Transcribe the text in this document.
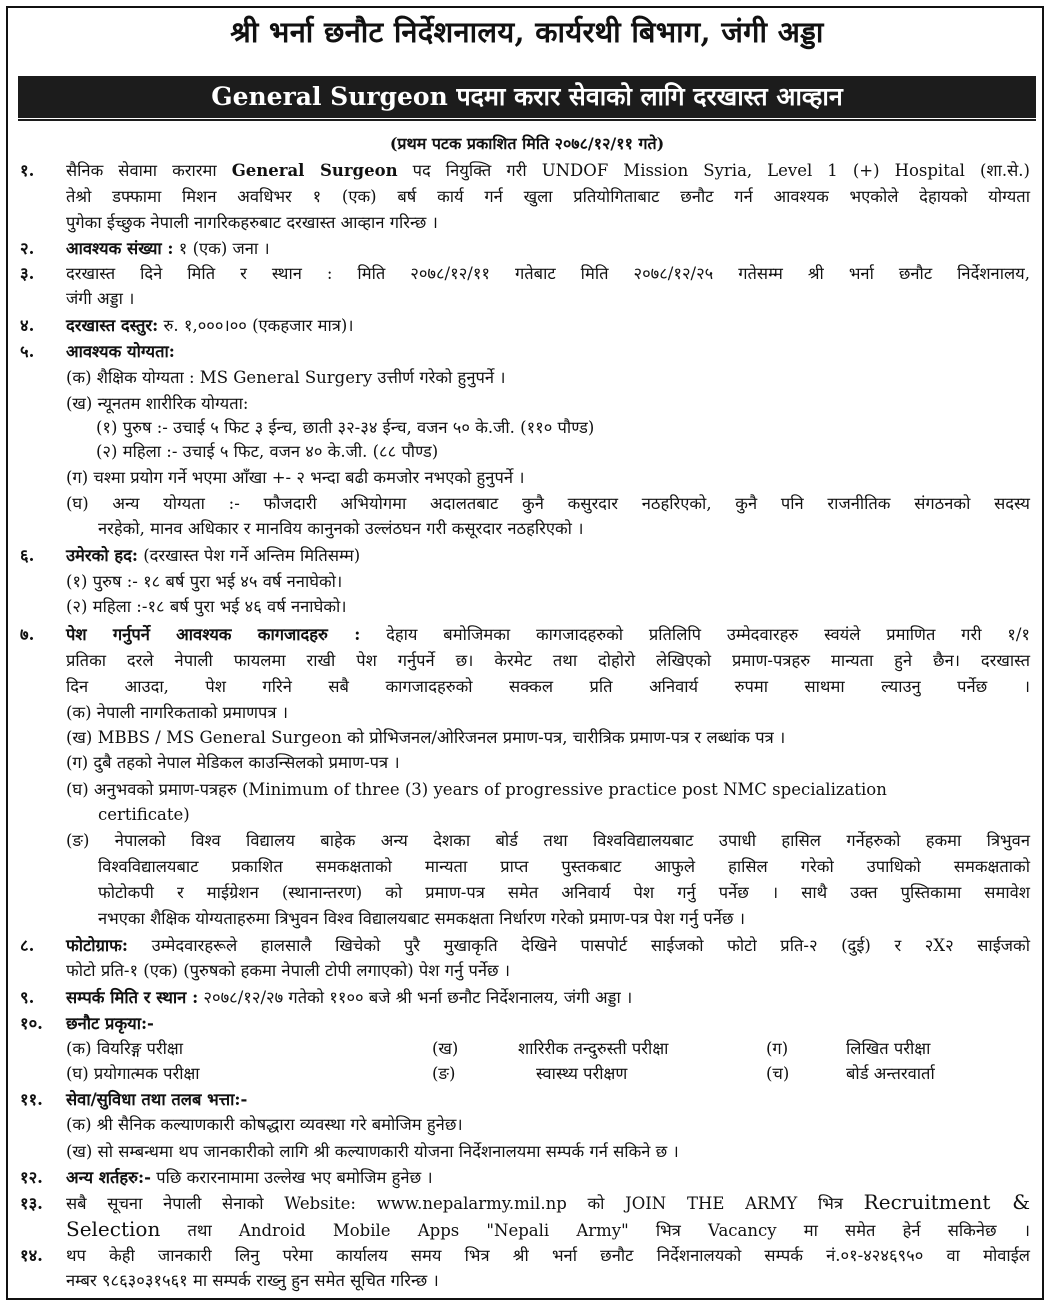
श्री भर्ना छनौट निर्देशनालय, कार्यरथी बिभाग, जंगी अड्डा
General Surgeon पदमा करार सेवाको लागि दरखास्त आव्हान
(प्रथम पटक प्रकाशित मिति २०७८/१२/११ गते)
१. सैनिक सेवामा करारमा General Surgeon पद नियुक्ति गरी UNDOF Mission Syria, Level 1 (+) Hospital (शा.से.)
तेश्रो डफ्फामा मिशन अवधिभर १ (एक) बर्ष कार्य गर्न खुला प्रतियोगिताबाट छनौट गर्न आवश्यक भएकोले देहायको योग्यता
पुगेका ईच्छुक नेपाली नागरिकहरुबाट दरखास्त आव्हान गरिन्छ ।
२. आवश्यक संख्या : १ (एक) जना ।
३. दरखास्त दिने मिति र स्थान : मिति २०७८/१२/११ गतेबाट मिति २०७८/१२/२५ गतेसम्म श्री भर्ना छनौट निर्देशनालय,
जंगी अड्डा ।
४. दरखास्त दस्तुर: रु. १,०००।०० (एकहजार मात्र)।
५. आवश्यक योग्यता:
(क) शैक्षिक योग्यता : MS General Surgery उत्तीर्ण गरेको हुनुपर्ने ।
(ख) न्यूनतम शारीरिक योग्यता:
(१) पुरुष :- उचाई ५ फिट ३ ईन्च, छाती ३२-३४ ईन्च, वजन ५० के.जी. (११० पौण्ड)
(२) महिला :- उचाई ५ फिट, वजन ४० के.जी. (८८ पौण्ड)
(ग) चश्मा प्रयोग गर्ने भएमा आँखा +- २ भन्दा बढी कमजोर नभएको हुनुपर्ने ।
(घ) अन्य योग्यता :- फौजदारी अभियोगमा अदालतबाट कुनै कसुरदार नठहरिएको, कुनै पनि राजनीतिक संगठनको सदस्य
नरहेको, मानव अधिकार र मानविय कानुनको उल्लंठघन गरी कसूरदार नठहरिएको ।
६. उमेरको हद: (दरखास्त पेश गर्ने अन्तिम मितिसम्म)
(१) पुरुष :- १८ बर्ष पुरा भई ४५ वर्ष ननाघेको।
(२) महिला :-१८ बर्ष पुरा भई ४६ वर्ष ननाघेको।
७. पेश गर्नुपर्ने आवश्यक कागजादहरु : देहाय बमोजिमका कागजादहरुको प्रतिलिपि उम्मेदवारहरु स्वयंले प्रमाणित गरी १/१
प्रतिका दरले नेपाली फायलमा राखी पेश गर्नुपर्ने छ। केरमेट तथा दोहोरो लेखिएको प्रमाण-पत्रहरु मान्यता हुने छैन। दरखास्त
दिन आउदा, पेश गरिने सबै कागजादहरुको सक्कल प्रति अनिवार्य रुपमा साथमा ल्याउनु पर्नेछ ।
(क) नेपाली नागरिकताको प्रमाणपत्र ।
(ख) MBBS / MS General Surgeon को प्रोभिजनल/ओरिजनल प्रमाण-पत्र, चारीत्रिक प्रमाण-पत्र र लब्धांक पत्र ।
(ग) दुबै तहको नेपाल मेडिकल काउन्सिलको प्रमाण-पत्र ।
(घ) अनुभवको प्रमाण-पत्रहरु (Minimum of three (3) years of progressive practice post NMC specialization
certificate)
(ङ) नेपालको विश्व विद्यालय बाहेक अन्य देशका बोर्ड तथा विश्वविद्यालयबाट उपाधी हासिल गर्नेहरुको हकमा त्रिभुवन
विश्वविद्यालयबाट प्रकाशित समकक्षताको मान्यता प्राप्त पुस्तकबाट आफुले हासिल गरेको उपाधिको समकक्षताको
फोटोकपी र माईग्रेशन (स्थानान्तरण) को प्रमाण-पत्र समेत अनिवार्य पेश गर्नु पर्नेछ । साथै उक्त पुस्तिकामा समावेश
नभएका शैक्षिक योग्यताहरुमा त्रिभुवन विश्व विद्यालयबाट समकक्षता निर्धारण गरेको प्रमाण-पत्र पेश गर्नु पर्नेछ ।
८. फोटोग्राफ: उम्मेदवारहरूले हालसालै खिचेको पुरै मुखाकृति देखिने पासपोर्ट साईजको फोटो प्रति-२ (दुई) र २X२ साईजको
फोटो प्रति-१ (एक) (पुरुषको हकमा नेपाली टोपी लगाएको) पेश गर्नु पर्नेछ ।
९. सम्पर्क मिति र स्थान : २०७८/१२/२७ गतेको ११०० बजे श्री भर्ना छनौट निर्देशनालय, जंगी अड्डा ।
१०. छनौट प्रकृया:-
(क) वियरिङ्ग परीक्षा	(ख)	शारिरीक तन्दुरुस्ती परीक्षा	(ग)	लिखित परीक्षा
(घ) प्रयोगात्मक परीक्षा	(ङ)	स्वास्थ्य परीक्षण	(च)	बोर्ड अन्तरवार्ता
११. सेवा/सुविधा तथा तलब भत्ता:-
(क) श्री सैनिक कल्याणकारी कोषद्धारा व्यवस्था गरे बमोजिम हुनेछ।
(ख) सो सम्बन्धमा थप जानकारीको लागि श्री कल्याणकारी योजना निर्देशनालयमा सम्पर्क गर्न सकिने छ ।
१२. अन्य शर्तहरु:- पछि करारनामामा उल्लेख भए बमोजिम हुनेछ ।
१३. सबै सूचना नेपाली सेनाको Website: www.nepalarmy.mil.np को JOIN THE ARMY भित्र Recruitment &
Selection तथा Android Mobile Apps "Nepali Army" भित्र Vacancy मा समेत हेर्न सकिनेछ ।
१४. थप केही जानकारी लिनु परेमा कार्यालय समय भित्र श्री भर्ना छनौट निर्देशनालयको सम्पर्क नं.०१-४२४६९५० वा मोवाईल
नम्बर ९८६३०३१५६१ मा सम्पर्क राख्नु हुन समेत सूचित गरिन्छ ।
